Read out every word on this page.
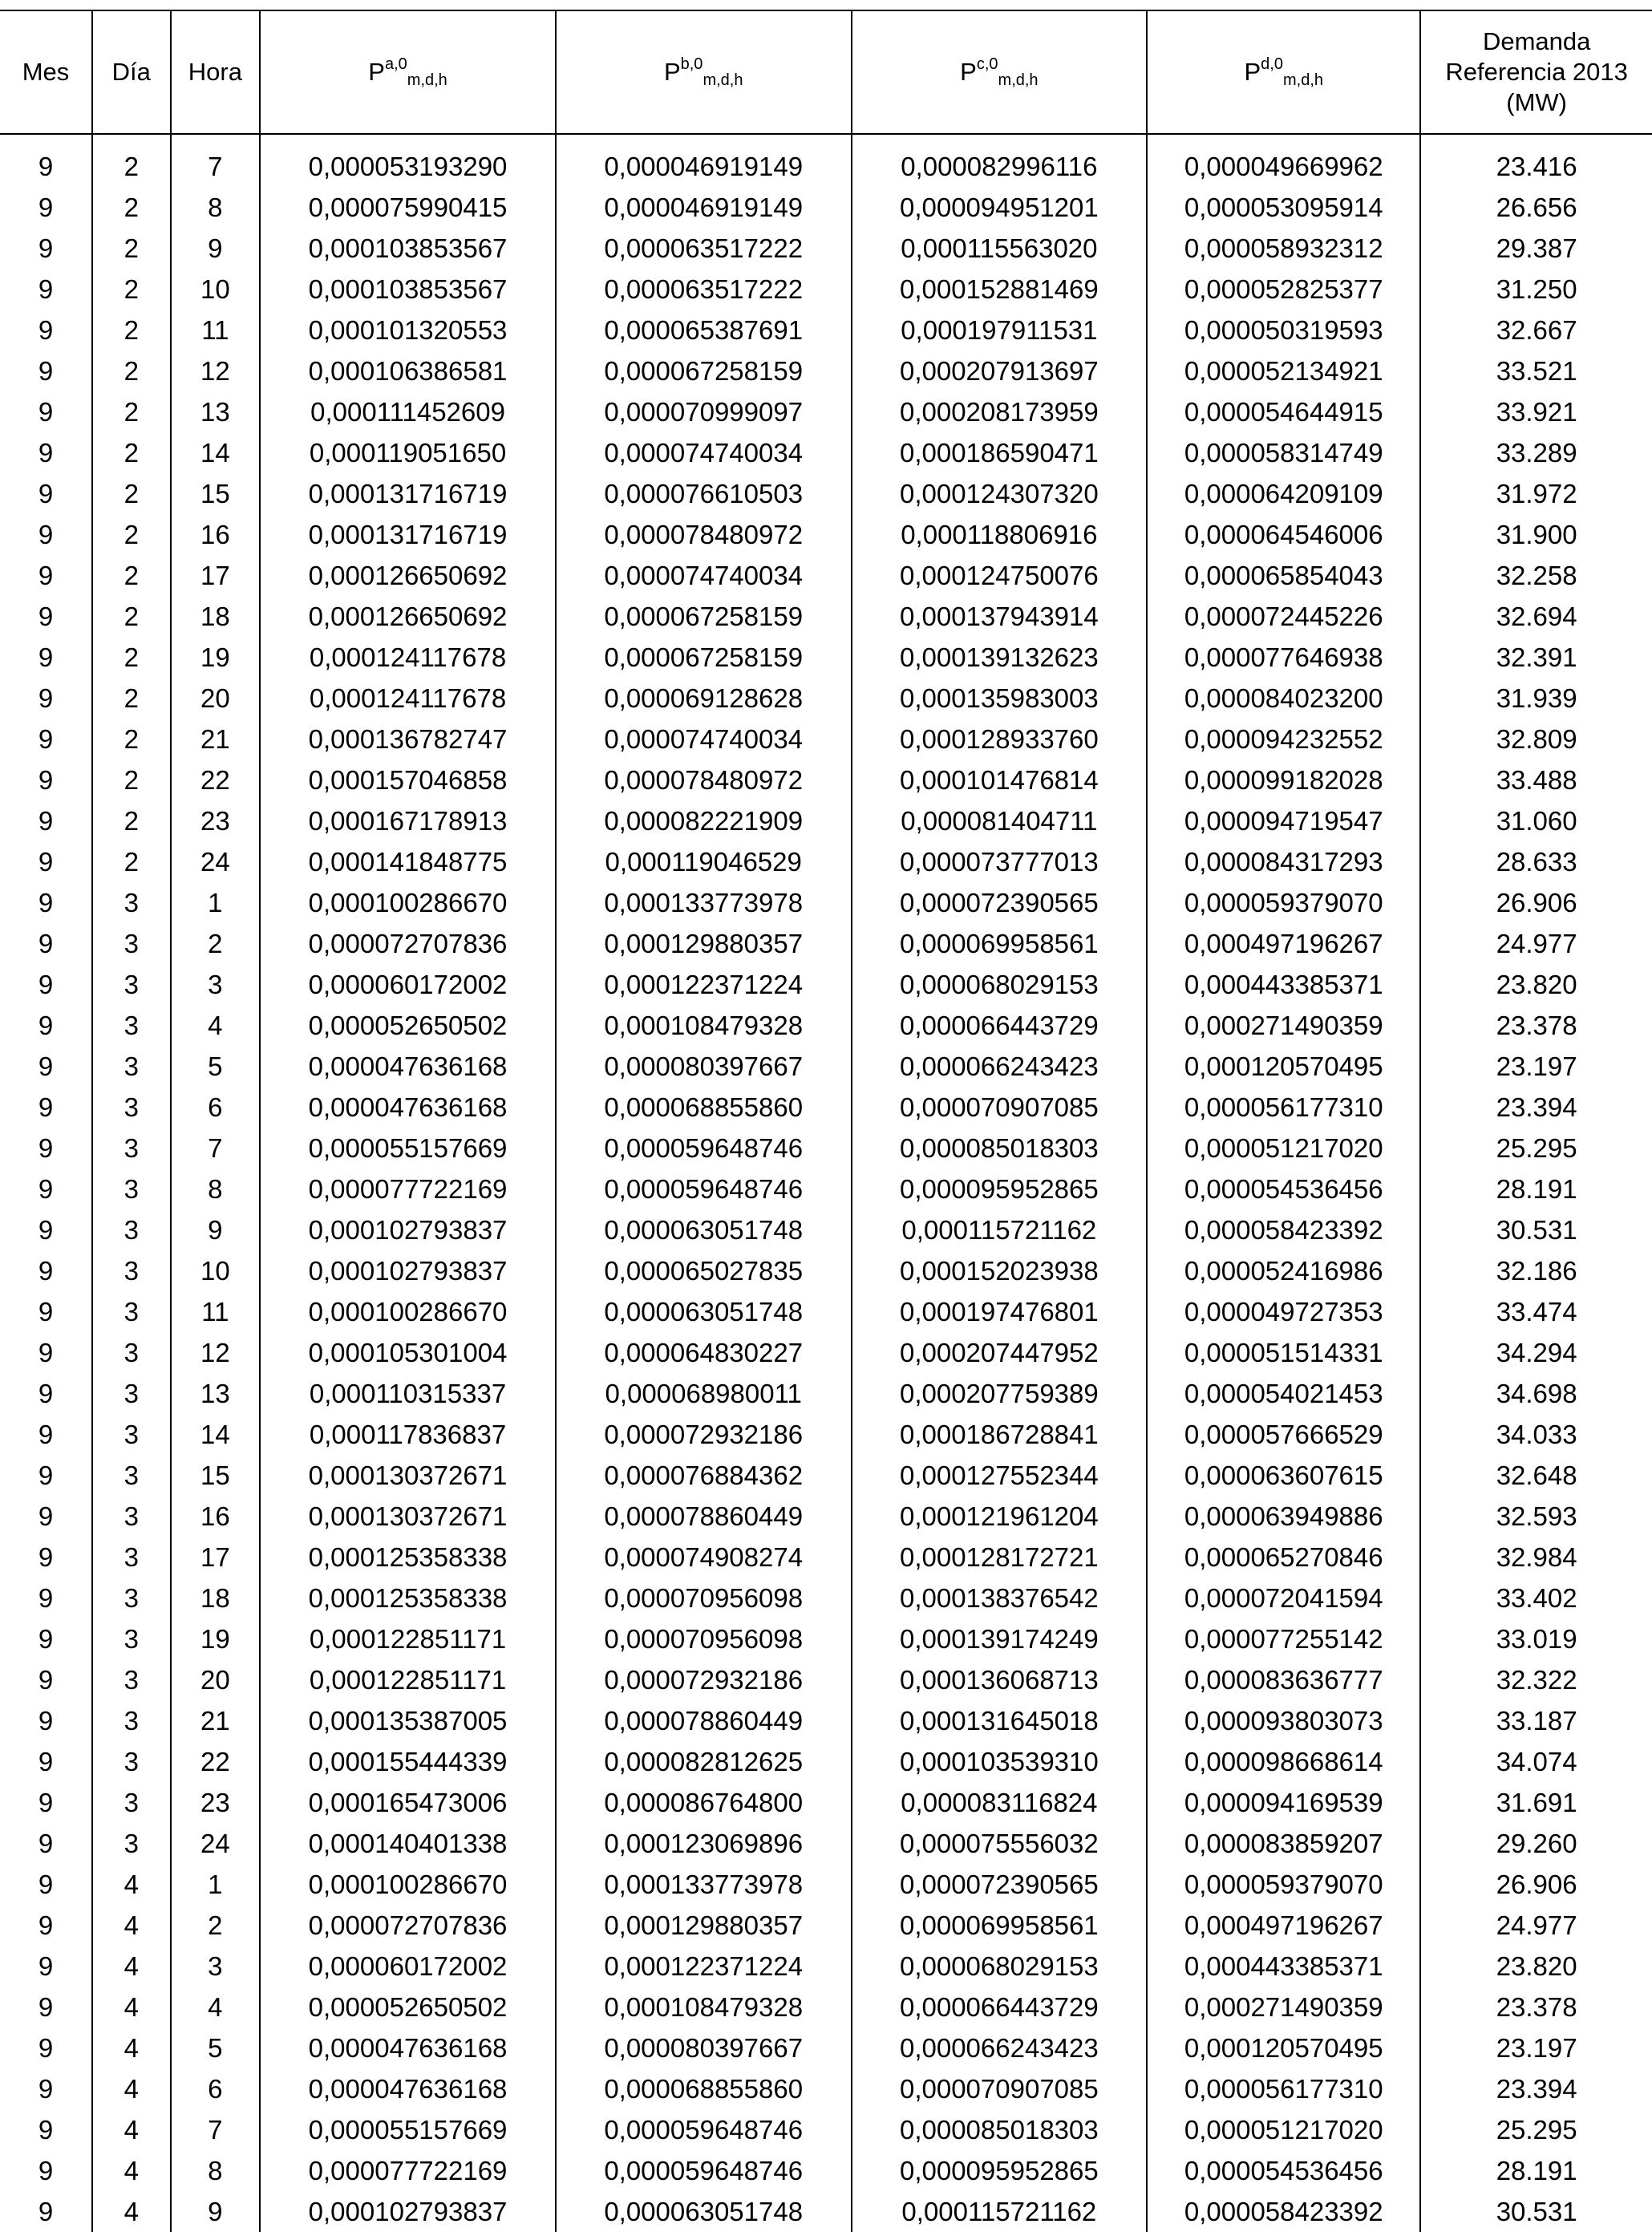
Mes	Día	Hora	P$^{a,0}_{m,d,h}$	P$^{b,0}_{m,d,h}$	P$^{c,0}_{m,d,h}$	P$^{d,0}_{m,d,h}$	Demanda
Referencia 2013
(MW)

9	2	7	0,000053193290	0,000046919149	0,000082996116	0,000049669962	23.416
9	2	8	0,000075990415	0,000046919149	0,000094951201	0,000053095914	26.656
9	2	9	0,000103853567	0,000063517222	0,000115563020	0,000058932312	29.387
9	2	10	0,000103853567	0,000063517222	0,000152881469	0,000052825377	31.250
9	2	11	0,000101320553	0,000065387691	0,000197911531	0,000050319593	32.667
9	2	12	0,000106386581	0,000067258159	0,000207913697	0,000052134921	33.521
9	2	13	0,000111452609	0,000070999097	0,000208173959	0,000054644915	33.921
9	2	14	0,000119051650	0,000074740034	0,000186590471	0,000058314749	33.289
9	2	15	0,000131716719	0,000076610503	0,000124307320	0,000064209109	31.972
9	2	16	0,000131716719	0,000078480972	0,000118806916	0,000064546006	31.900
9	2	17	0,000126650692	0,000074740034	0,000124750076	0,000065854043	32.258
9	2	18	0,000126650692	0,000067258159	0,000137943914	0,000072445226	32.694
9	2	19	0,000124117678	0,000067258159	0,000139132623	0,000077646938	32.391
9	2	20	0,000124117678	0,000069128628	0,000135983003	0,000084023200	31.939
9	2	21	0,000136782747	0,000074740034	0,000128933760	0,000094232552	32.809
9	2	22	0,000157046858	0,000078480972	0,000101476814	0,000099182028	33.488
9	2	23	0,000167178913	0,000082221909	0,000081404711	0,000094719547	31.060
9	2	24	0,000141848775	0,000119046529	0,000073777013	0,000084317293	28.633
9	3	1	0,000100286670	0,000133773978	0,000072390565	0,000059379070	26.906
9	3	2	0,000072707836	0,000129880357	0,000069958561	0,000497196267	24.977
9	3	3	0,000060172002	0,000122371224	0,000068029153	0,000443385371	23.820
9	3	4	0,000052650502	0,000108479328	0,000066443729	0,000271490359	23.378
9	3	5	0,000047636168	0,000080397667	0,000066243423	0,000120570495	23.197
9	3	6	0,000047636168	0,000068855860	0,000070907085	0,000056177310	23.394
9	3	7	0,000055157669	0,000059648746	0,000085018303	0,000051217020	25.295
9	3	8	0,000077722169	0,000059648746	0,000095952865	0,000054536456	28.191
9	3	9	0,000102793837	0,000063051748	0,000115721162	0,000058423392	30.531
9	3	10	0,000102793837	0,000065027835	0,000152023938	0,000052416986	32.186
9	3	11	0,000100286670	0,000063051748	0,000197476801	0,000049727353	33.474
9	3	12	0,000105301004	0,000064830227	0,000207447952	0,000051514331	34.294
9	3	13	0,000110315337	0,000068980011	0,000207759389	0,000054021453	34.698
9	3	14	0,000117836837	0,000072932186	0,000186728841	0,000057666529	34.033
9	3	15	0,000130372671	0,000076884362	0,000127552344	0,000063607615	32.648
9	3	16	0,000130372671	0,000078860449	0,000121961204	0,000063949886	32.593
9	3	17	0,000125358338	0,000074908274	0,000128172721	0,000065270846	32.984
9	3	18	0,000125358338	0,000070956098	0,000138376542	0,000072041594	33.402
9	3	19	0,000122851171	0,000070956098	0,000139174249	0,000077255142	33.019
9	3	20	0,000122851171	0,000072932186	0,000136068713	0,000083636777	32.322
9	3	21	0,000135387005	0,000078860449	0,000131645018	0,000093803073	33.187
9	3	22	0,000155444339	0,000082812625	0,000103539310	0,000098668614	34.074
9	3	23	0,000165473006	0,000086764800	0,000083116824	0,000094169539	31.691
9	3	24	0,000140401338	0,000123069896	0,000075556032	0,000083859207	29.260
9	4	1	0,000100286670	0,000133773978	0,000072390565	0,000059379070	26.906
9	4	2	0,000072707836	0,000129880357	0,000069958561	0,000497196267	24.977
9	4	3	0,000060172002	0,000122371224	0,000068029153	0,000443385371	23.820
9	4	4	0,000052650502	0,000108479328	0,000066443729	0,000271490359	23.378
9	4	5	0,000047636168	0,000080397667	0,000066243423	0,000120570495	23.197
9	4	6	0,000047636168	0,000068855860	0,000070907085	0,000056177310	23.394
9	4	7	0,000055157669	0,000059648746	0,000085018303	0,000051217020	25.295
9	4	8	0,000077722169	0,000059648746	0,000095952865	0,000054536456	28.191
9	4	9	0,000102793837	0,000063051748	0,000115721162	0,000058423392	30.531
